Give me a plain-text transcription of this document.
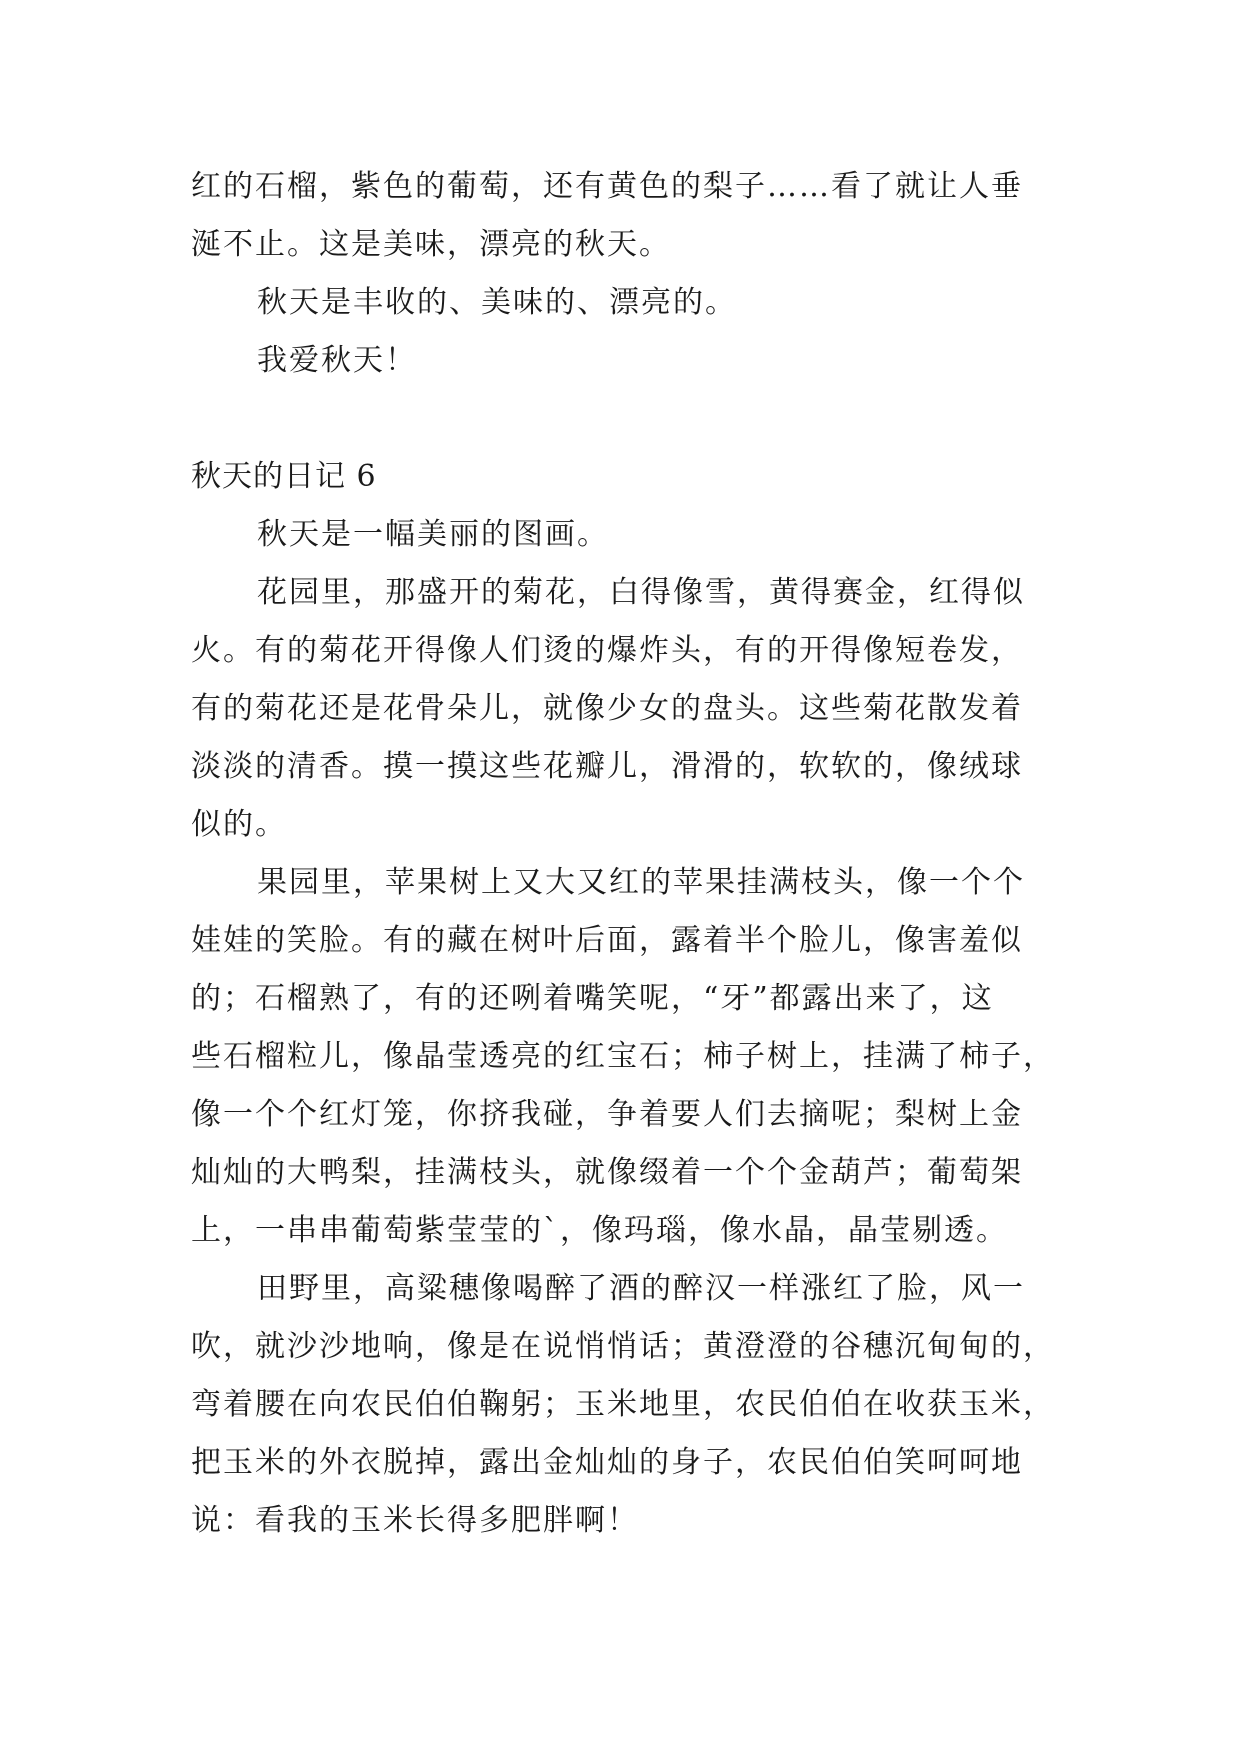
红的石榴，紫色的葡萄，还有黄色的梨子……看了就让人垂
涎不止。这是美味，漂亮的秋天。
秋天是丰收的、美味的、漂亮的。
我爱秋天！
秋天的日记 6
秋天是一幅美丽的图画。
花园里，那盛开的菊花，白得像雪，黄得赛金，红得似
火。有的菊花开得像人们烫的爆炸头，有的开得像短卷发，
有的菊花还是花骨朵儿，就像少女的盘头。这些菊花散发着
淡淡的清香。摸一摸这些花瓣儿，滑滑的，软软的，像绒球
似的。
果园里，苹果树上又大又红的苹果挂满枝头，像一个个
娃娃的笑脸。有的藏在树叶后面，露着半个脸儿，像害羞似
的；石榴熟了，有的还咧着嘴笑呢，“牙”都露出来了，这
些石榴粒儿，像晶莹透亮的红宝石；柿子树上，挂满了柿子，
像一个个红灯笼，你挤我碰，争着要人们去摘呢；梨树上金
灿灿的大鸭梨，挂满枝头，就像缀着一个个金葫芦；葡萄架
上，一串串葡萄紫莹莹的`，像玛瑙，像水晶，晶莹剔透。
田野里，高粱穗像喝醉了酒的醉汉一样涨红了脸，风一
吹，就沙沙地响，像是在说悄悄话；黄澄澄的谷穗沉甸甸的，
弯着腰在向农民伯伯鞠躬；玉米地里，农民伯伯在收获玉米，
把玉米的外衣脱掉，露出金灿灿的身子，农民伯伯笑呵呵地
说：看我的玉米长得多肥胖啊！
